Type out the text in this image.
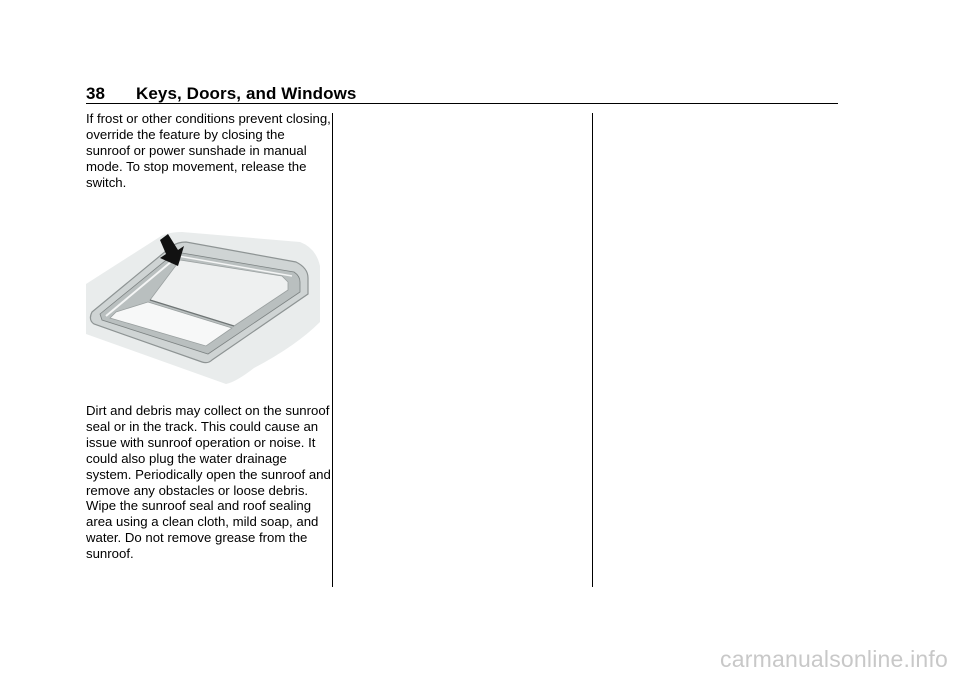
38 Keys, Doors, and Windows

If frost or other conditions prevent closing, override the feature by closing the sunroof or power sunshade in manual mode. To stop movement, release the switch.

Dirt and debris may collect on the sunroof seal or in the track. This could cause an issue with sunroof operation or noise. It could also plug the water drainage system. Periodically open the sunroof and remove any obstacles or loose debris. Wipe the sunroof seal and roof sealing area using a clean cloth, mild soap, and water. Do not remove grease from the sunroof.

carmanualsonline.info
